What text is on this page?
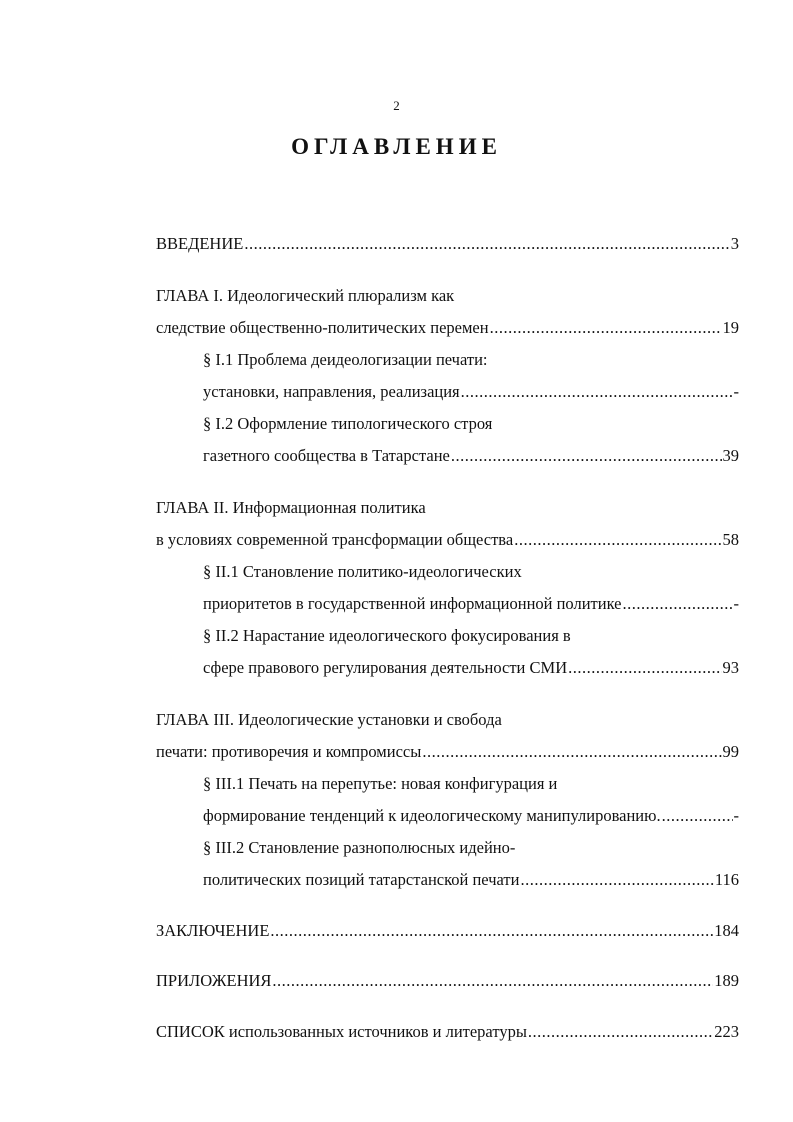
2
ОГЛАВЛЕНИЕ
ВВЕДЕНИЕ .....	3
ГЛАВА I. Идеологический плюрализм как
следствие общественно-политических перемен .....	19
§ I.1 Проблема деидеологизации печати:
установки, направления, реализация .....	-
§ I.2 Оформление типологического строя
газетного сообщества в Татарстане .....	39
ГЛАВА II. Информационная политика
в условиях современной трансформации общества .....	58
§ II.1 Становление политико-идеологических
приоритетов в государственной информационной политике .....	-
§ II.2 Нарастание идеологического фокусирования в
сфере правового регулирования деятельности СМИ .....	93
ГЛАВА III. Идеологические установки и свобода
печати: противоречия и компромиссы .....	99
§ III.1 Печать на перепутье: новая конфигурация и
формирование тенденций к идеологическому манипулированию. .....	-
§ III.2 Становление разнополюсных идейно-
политических позиций татарстанской печати .....	116
ЗАКЛЮЧЕНИЕ .....	184
ПРИЛОЖЕНИЯ .....	189
СПИСОК использованных источников и литературы .....	223
